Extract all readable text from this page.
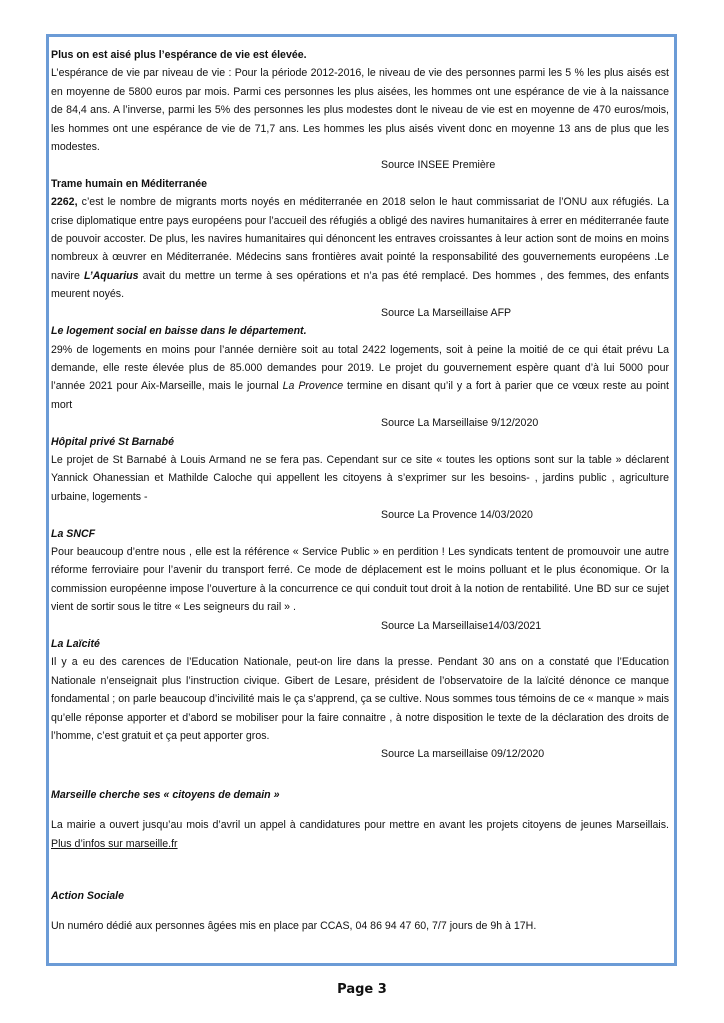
Plus on est aisé plus l’espérance de vie est élevée.

L’espérance de vie par niveau de vie : Pour la période 2012-2016, le niveau de vie des personnes parmi les 5 % les plus aisés est en moyenne de 5800 euros par mois. Parmi ces personnes les plus aisées, les hommes ont une espérance de vie à la naissance de 84,4 ans. A l’inverse, parmi les 5% des personnes les plus modestes dont le niveau de vie est en moyenne de 470 euros/mois, les hommes ont une espérance de vie de 71,7 ans. Les hommes les plus aisés vivent donc en moyenne 13 ans de plus que les modestes.

Source INSEE Première

Trame humain en Méditerranée

2262, c’est le nombre de migrants morts noyés en méditerranée en 2018 selon le haut commissariat de l’ONU aux réfugiés. La crise diplomatique entre pays européens pour l’accueil des réfugiés a obligé des navires humanitaires à errer en méditerranée faute de pouvoir accoster. De plus, les navires humanitaires qui dénoncent les entraves croissantes à leur action sont de moins en moins nombreux à œuvrer en Méditerranée. Médecins sans frontières avait pointé la responsabilité des gouvernements européens .Le navire L’Aquarius avait du mettre un terme à ses opérations et n’a pas été remplacé. Des hommes , des femmes, des enfants meurent noyés.

Source La Marseillaise AFP

Le logement social en baisse dans le département.

29% de logements en moins pour l’année dernière soit au total 2422 logements, soit à peine la moitié de ce qui était prévu La demande, elle reste élevée plus de 85.000 demandes pour 2019. Le projet du gouvernement espère quant d’à lui 5000 pour l’année 2021 pour Aix-Marseille, mais le journal La Provence termine en disant qu’il y a fort à parier que ce vœux reste au point mort

Source La Marseillaise 9/12/2020

Hôpital privé St Barnabé

Le projet de St Barnabé à Louis Armand ne se fera pas. Cependant sur ce site « toutes les options sont sur la table » déclarent Yannick Ohanessian et Mathilde Caloche qui appellent les citoyens à s’exprimer sur les besoins- , jardins public , agriculture urbaine, logements -

Source La Provence 14/03/2020

La SNCF

Pour beaucoup d’entre nous , elle est la référence « Service Public » en perdition ! Les syndicats tentent de promouvoir une autre réforme ferroviaire pour l’avenir du transport ferré. Ce mode de déplacement est le moins polluant et le plus économique. Or la commission européenne impose l’ouverture à la concurrence ce qui conduit tout droit à la notion de rentabilité. Une BD sur ce sujet vient de sortir sous le titre « Les seigneurs du rail » .

Source La Marseillaise14/03/2021

La Laïcité

Il y a eu des carences de l’Education Nationale, peut-on lire dans la presse. Pendant 30 ans on a constaté que l’Education Nationale n’enseignait plus l’instruction civique. Gibert de Lesare, président de l’observatoire de la laïcité dénonce ce manque fondamental ; on parle beaucoup d’incivilité mais le ça s’apprend, ça se cultive. Nous sommes tous témoins de ce « manque » mais qu’elle réponse apporter et d’abord se mobiliser pour la faire connaitre , à notre disposition le texte de la déclaration des droits de l’homme, c’est gratuit et ça peut apporter gros.

Source La marseillaise 09/12/2020

Marseille cherche ses « citoyens de demain »

La mairie a ouvert jusqu’au mois d’avril un appel à candidatures pour mettre en avant les projets citoyens de jeunes Marseillais. Plus d’infos sur marseille.fr

Action Sociale

Un numéro dédié aux personnes âgées mis en place par CCAS, 04 86 94 47 60, 7/7 jours de 9h à 17H.

Page 3
